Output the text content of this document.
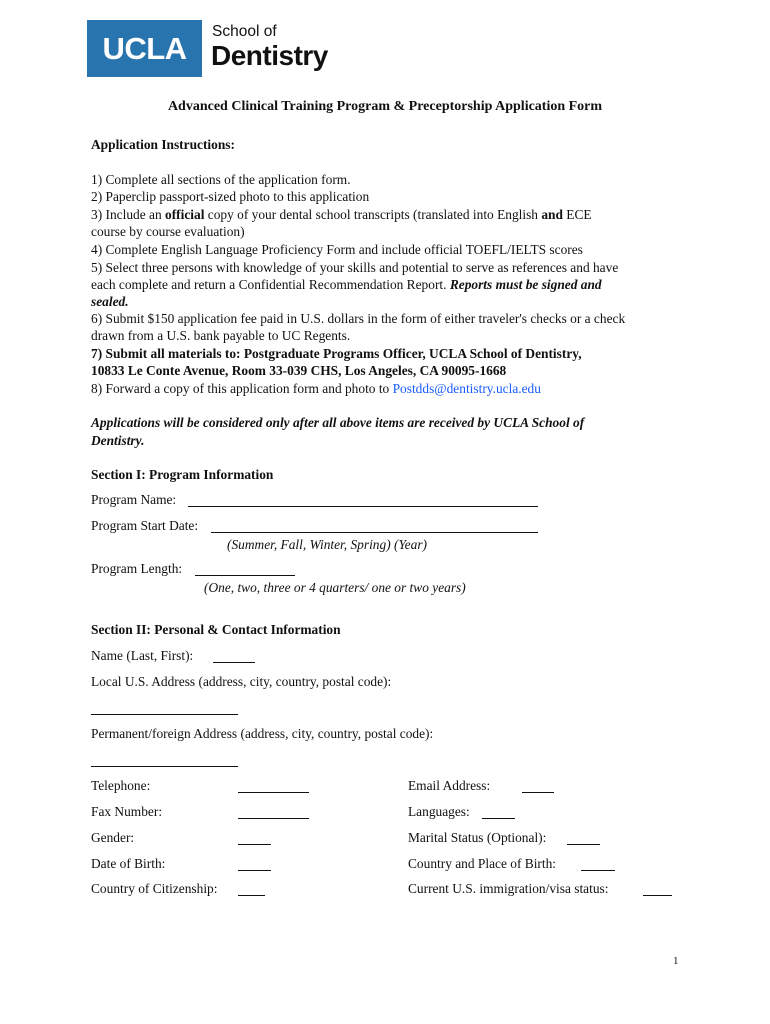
UCLA	School of
Dentistry
Advanced Clinical Training Program & Preceptorship Application Form
Application Instructions:
1) Complete all sections of the application form.
2) Paperclip passport-sized photo to this application
3) Include an official copy of your dental school transcripts (translated into English and ECE
course by course evaluation)
4) Complete English Language Proficiency Form and include official TOEFL/IELTS scores
5) Select three persons with knowledge of your skills and potential to serve as references and have
each complete and return a Confidential Recommendation Report. Reports must be signed and
sealed.
6) Submit $150 application fee paid in U.S. dollars in the form of either traveler's checks or a check
drawn from a U.S. bank payable to UC Regents.
7) Submit all materials to: Postgraduate Programs Officer, UCLA School of Dentistry,
10833 Le Conte Avenue, Room 33-039 CHS, Los Angeles, CA 90095-1668
8) Forward a copy of this application form and photo to Postdds@dentistry.ucla.edu
Applications will be considered only after all above items are received by UCLA School of
Dentistry.
Section I: Program Information
Program Name:
Program Start Date:
(Summer, Fall, Winter, Spring) (Year)
Program Length:
(One, two, three or 4 quarters/ one or two years)
Section II: Personal & Contact Information
Name (Last, First):
Local U.S. Address (address, city, country, postal code):
Permanent/foreign Address (address, city, country, postal code):
Telephone:	Email Address:
Fax Number:	Languages:
Gender:	Marital Status (Optional):
Date of Birth:	Country and Place of Birth:
Country of Citizenship:	Current U.S. immigration/visa status:
1
